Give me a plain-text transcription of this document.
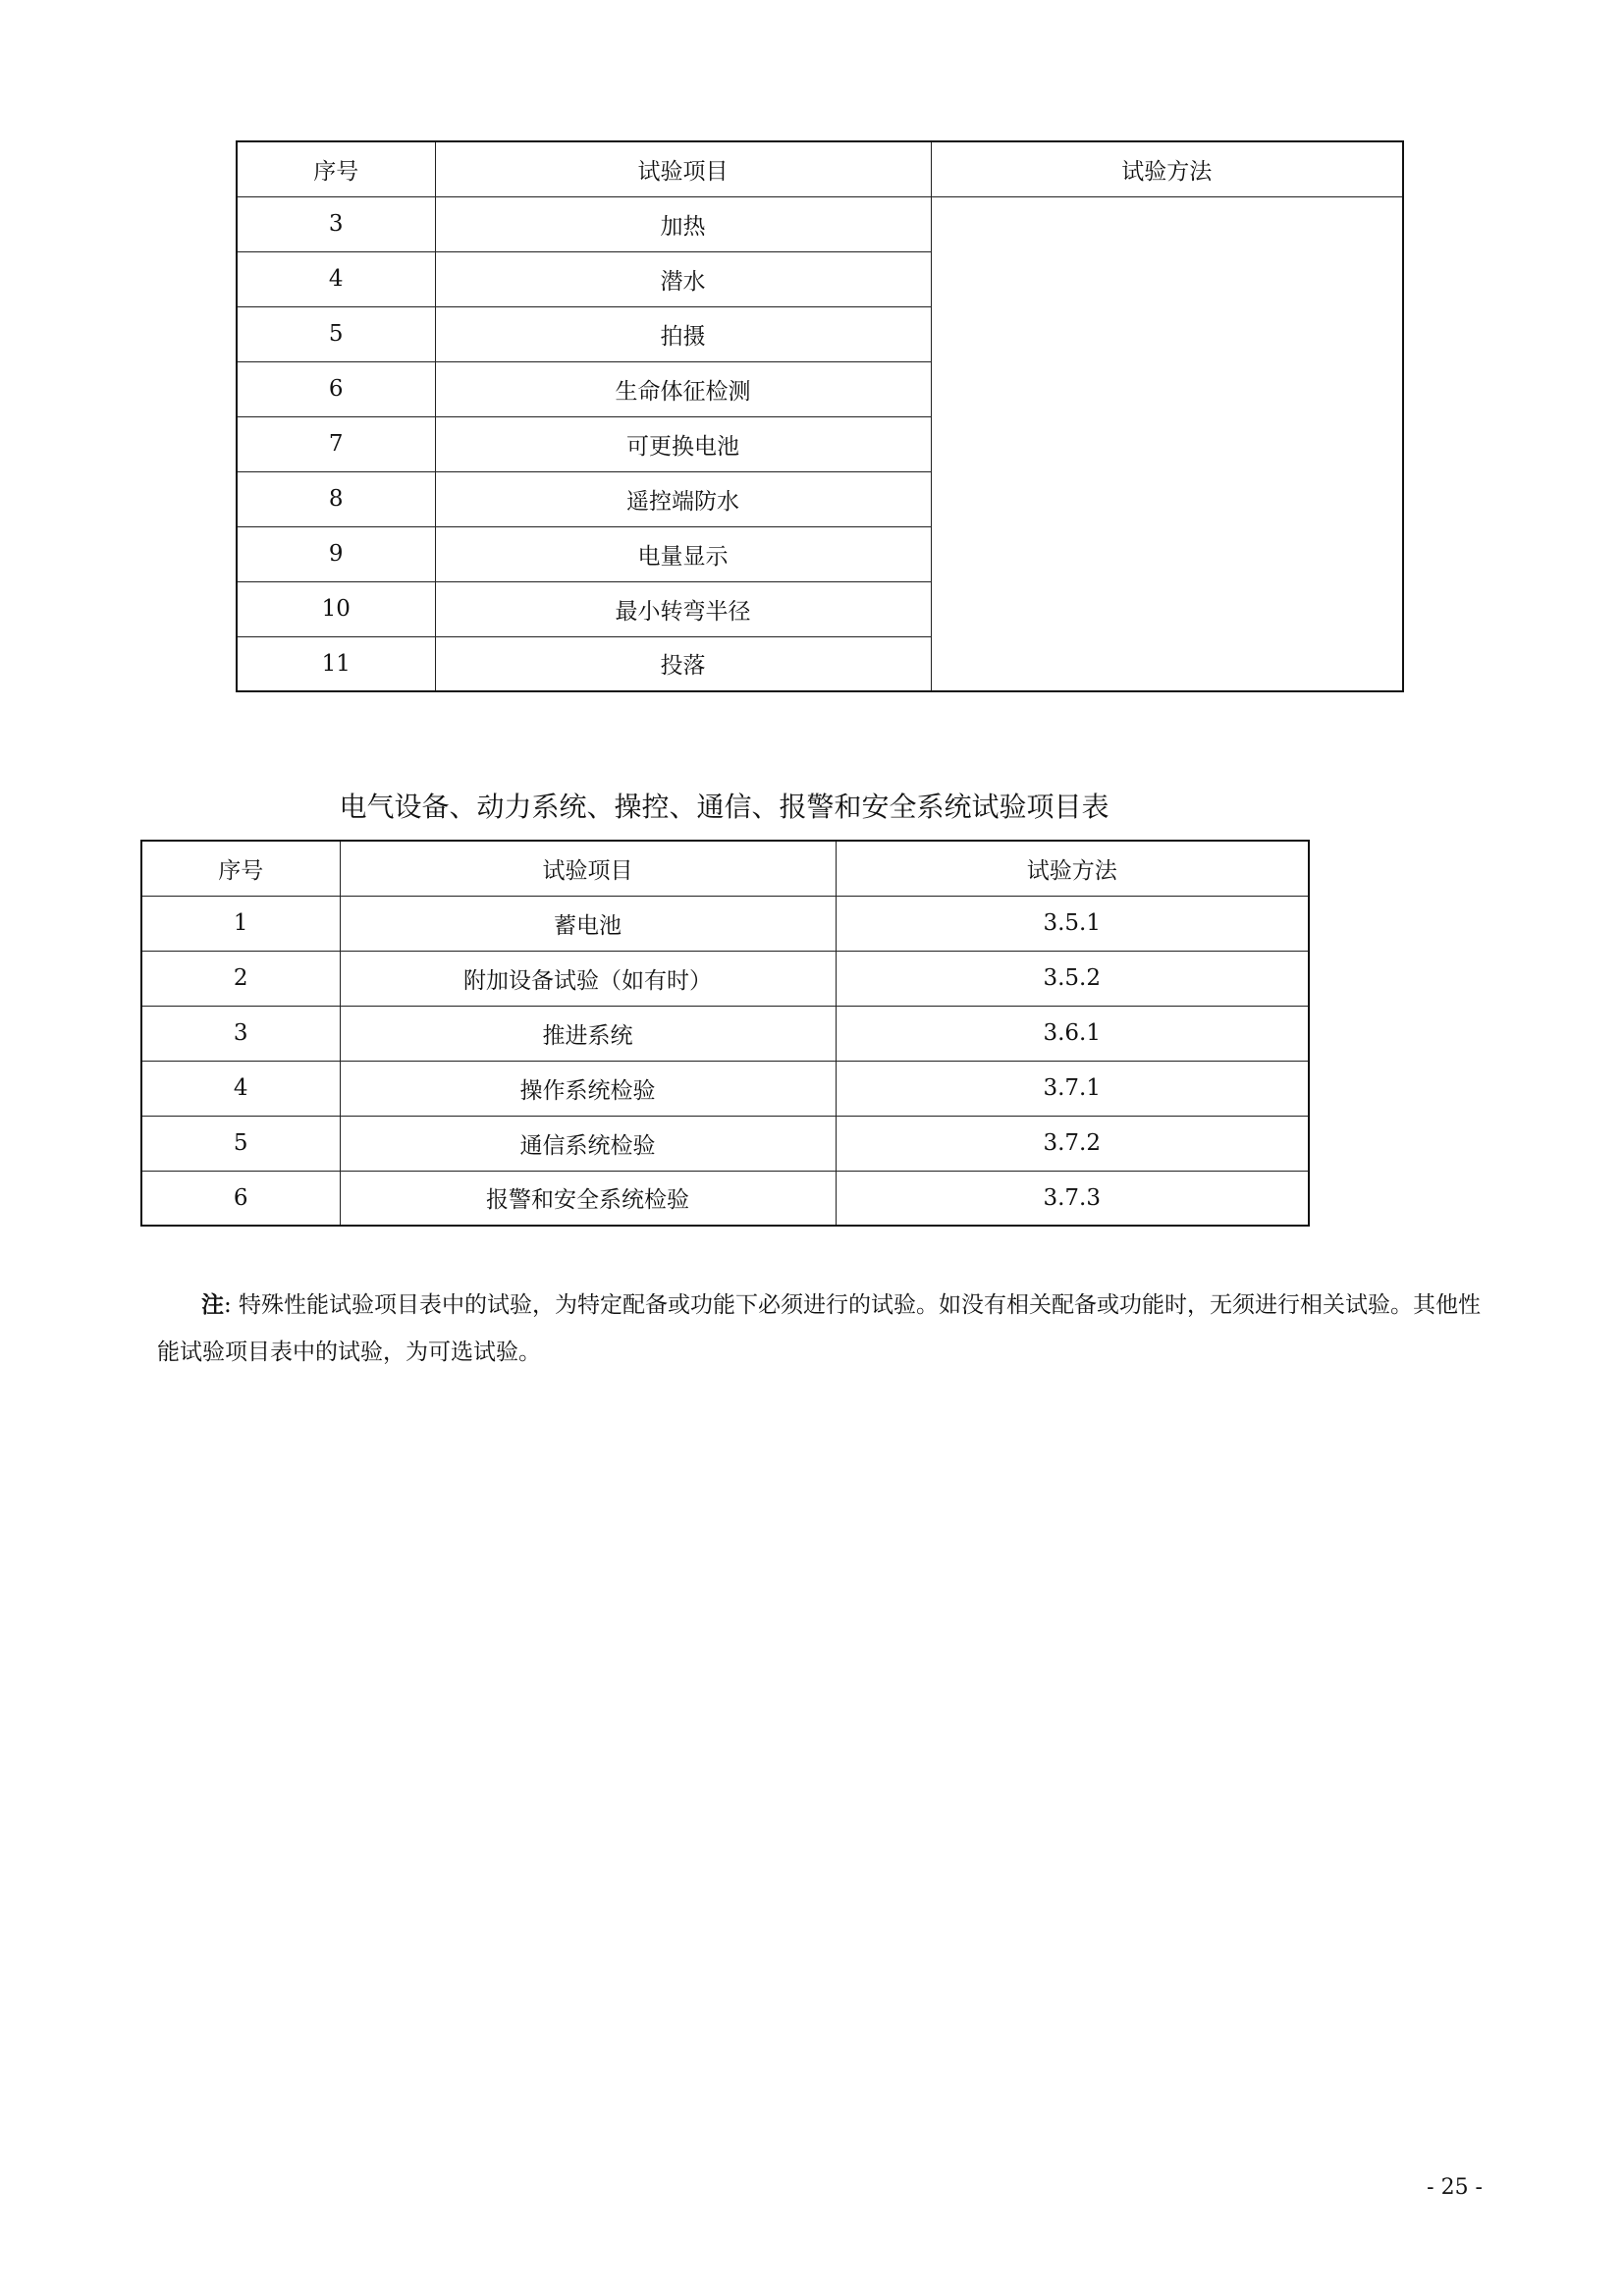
序号	试验项目	试验方法
3	加热	
4	潜水	
5	拍摄	
6	生命体征检测	
7	可更换电池	
8	遥控端防水	
9	电量显示	
10	最小转弯半径	
11	投落	
电气设备、动力系统、操控、通信、报警和安全系统试验项目表
序号	试验项目	试验方法
1	蓄电池	3.5.1
2	附加设备试验（如有时）	3.5.2
3	推进系统	3.6.1
4	操作系统检验	3.7.1
5	通信系统检验	3.7.2
6	报警和安全系统检验	3.7.3

注: 特殊性能试验项目表中的试验，为特定配备或功能下必须进行的试验。如没有相关配备或功能时，无须进行相关试验。其他性能试验项目表中的试验，为可选试验。

- 25 -
